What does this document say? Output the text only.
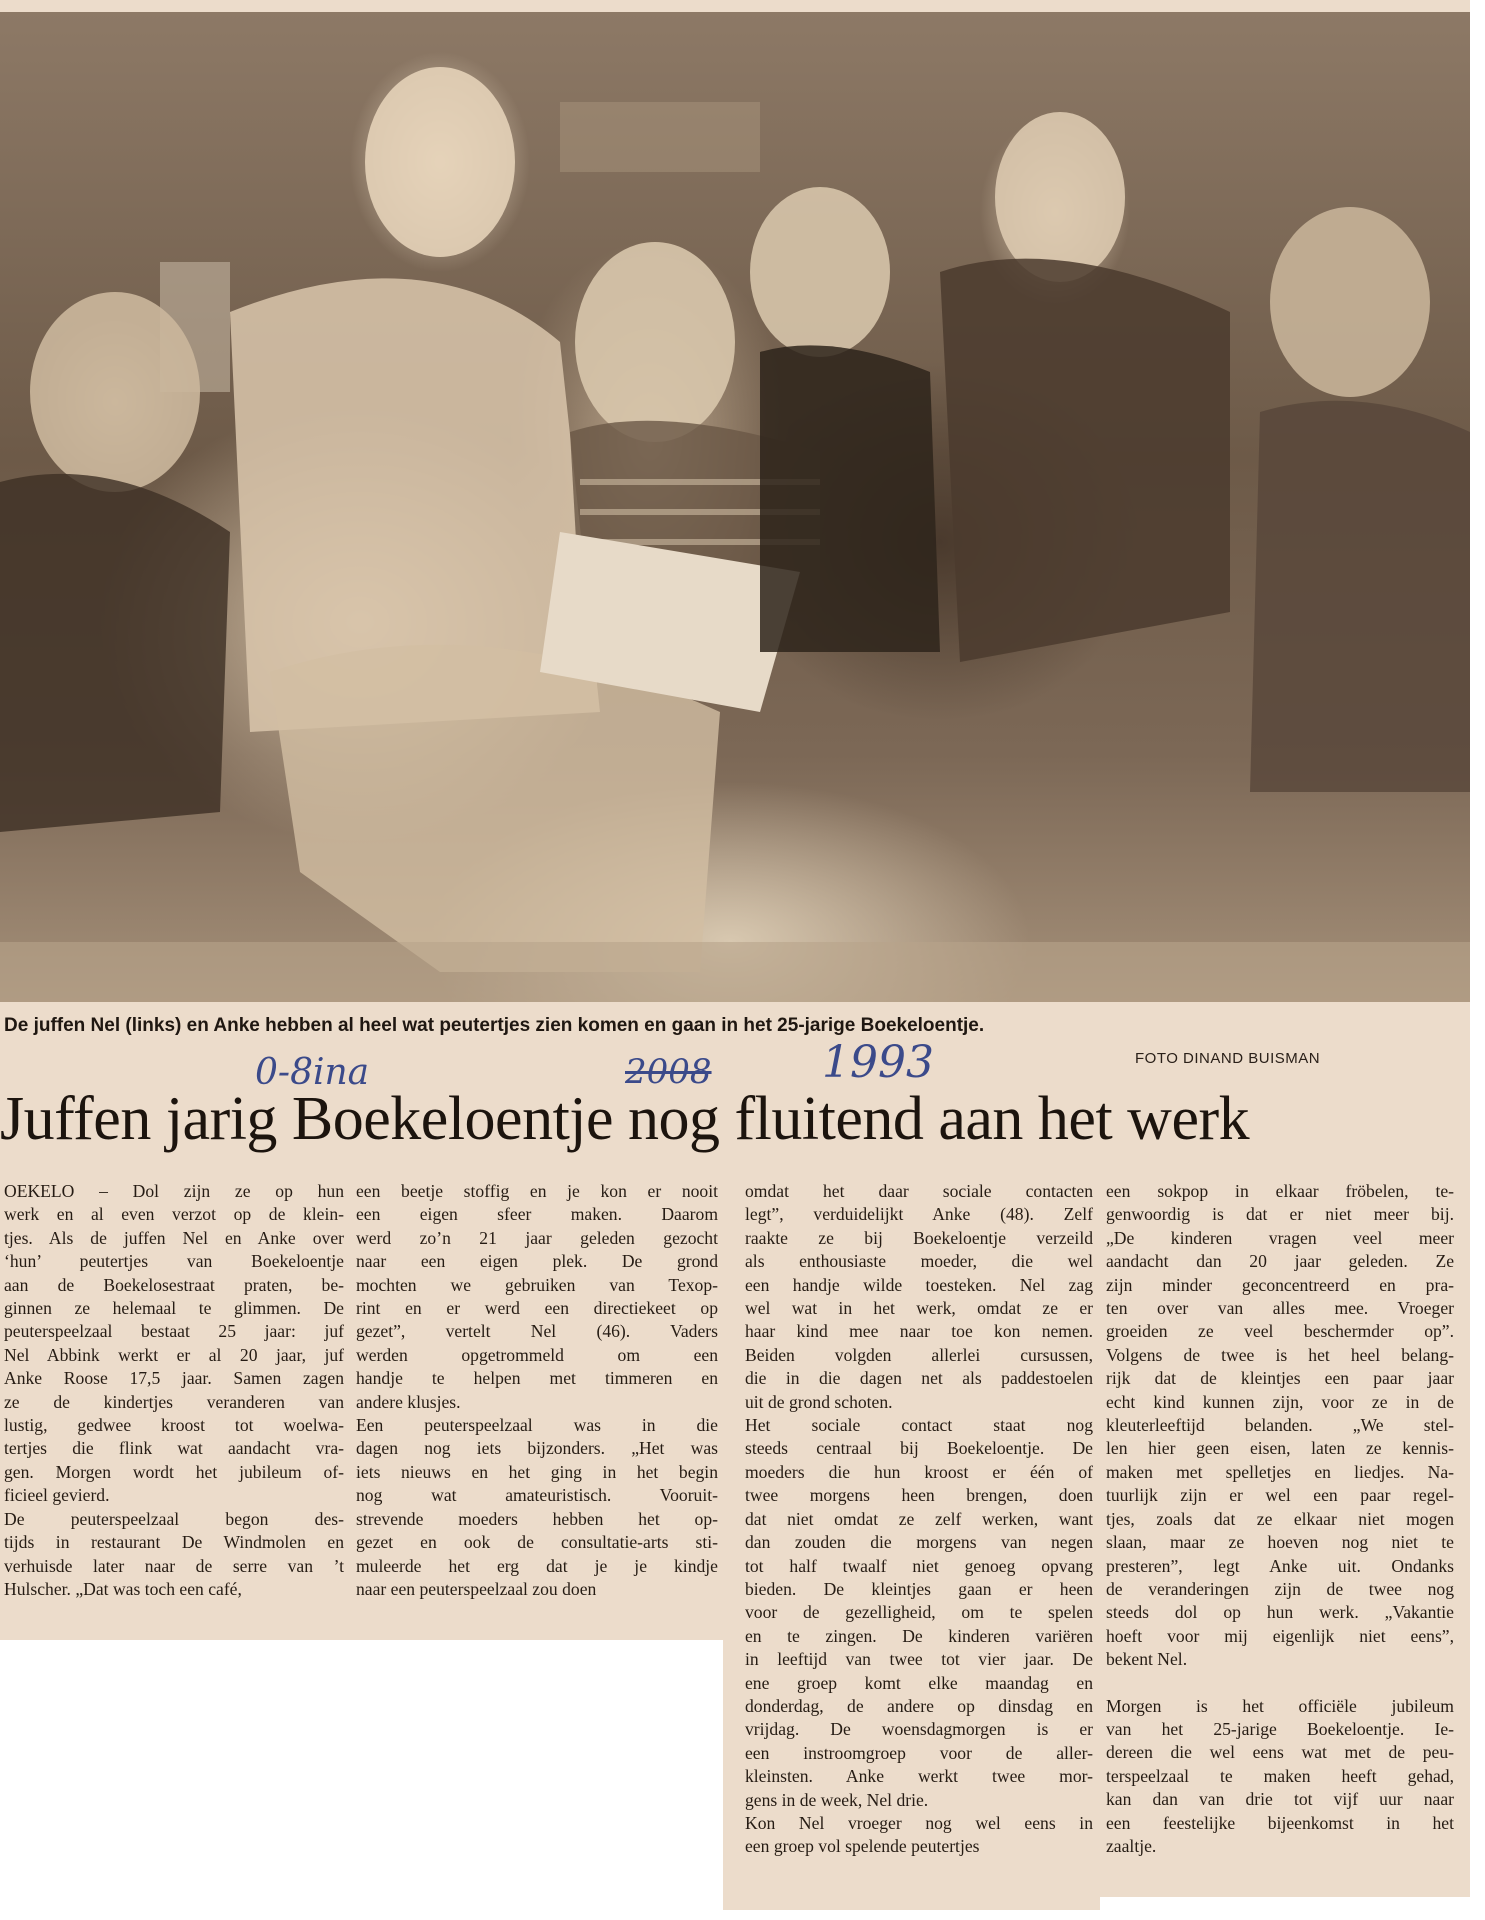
De juffen Nel (links) en Anke hebben al heel wat peutertjes zien komen en gaan in het 25-jarige Boekeloentje.
FOTO DINAND BUISMAN
0-8ina	2008	1993
Juffen jarig Boekeloentje nog fluitend aan het werk

OEKELO – Dol zijn ze op hun

werk en al even verzot op de klein-

tjes. Als de juffen Nel en Anke over

‘hun’ peutertjes van Boekeloentje

aan de Boekelosestraat praten, be-

ginnen ze helemaal te glimmen. De

peuterspeelzaal bestaat 25 jaar: juf

Nel Abbink werkt er al 20 jaar, juf

Anke Roose 17,5 jaar. Samen zagen

ze de kindertjes veranderen van

lustig, gedwee kroost tot woelwa-

tertjes die flink wat aandacht vra-

gen. Morgen wordt het jubileum of-

ficieel gevierd.

De peuterspeelzaal begon des-

tijds in restaurant De Windmolen en

verhuisde later naar de serre van ’t

Hulscher. „Dat was toch een café,

een beetje stoffig en je kon er nooit

een eigen sfeer maken. Daarom

werd zo’n 21 jaar geleden gezocht

naar een eigen plek. De grond

mochten we gebruiken van Texop-

rint en er werd een directiekeet op

gezet”, vertelt Nel (46). Vaders

werden opgetrommeld om een

handje te helpen met timmeren en

andere klusjes.

Een peuterspeelzaal was in die

dagen nog iets bijzonders. „Het was

iets nieuws en het ging in het begin

nog wat amateuristisch. Vooruit-

strevende moeders hebben het op-

gezet en ook de consultatie-arts sti-

muleerde het erg dat je je kindje

naar een peuterspeelzaal zou doen

omdat het daar sociale contacten

legt”, verduidelijkt Anke (48). Zelf

raakte ze bij Boekeloentje verzeild

als enthousiaste moeder, die wel

een handje wilde toesteken. Nel zag

wel wat in het werk, omdat ze er

haar kind mee naar toe kon nemen.

Beiden volgden allerlei cursussen,

die in die dagen net als paddestoelen

uit de grond schoten.

Het sociale contact staat nog

steeds centraal bij Boekeloentje. De

moeders die hun kroost er één of

twee morgens heen brengen, doen

dat niet omdat ze zelf werken, want

dan zouden die morgens van negen

tot half twaalf niet genoeg opvang

bieden. De kleintjes gaan er heen

voor de gezelligheid, om te spelen

en te zingen. De kinderen variëren

in leeftijd van twee tot vier jaar. De

ene groep komt elke maandag en

donderdag, de andere op dinsdag en

vrijdag. De woensdagmorgen is er

een instroomgroep voor de aller-

kleinsten. Anke werkt twee mor-

gens in de week, Nel drie.

Kon Nel vroeger nog wel eens in

een groep vol spelende peutertjes

een sokpop in elkaar fröbelen, te-

genwoordig is dat er niet meer bij.

„De kinderen vragen veel meer

aandacht dan 20 jaar geleden. Ze

zijn minder geconcentreerd en pra-

ten over van alles mee. Vroeger

groeiden ze veel beschermder op”.

Volgens de twee is het heel belang-

rijk dat de kleintjes een paar jaar

echt kind kunnen zijn, voor ze in de

kleuterleeftijd belanden. „We stel-

len hier geen eisen, laten ze kennis-

maken met spelletjes en liedjes. Na-

tuurlijk zijn er wel een paar regel-

tjes, zoals dat ze elkaar niet mogen

slaan, maar ze hoeven nog niet te

presteren”, legt Anke uit. Ondanks

de veranderingen zijn de twee nog

steeds dol op hun werk. „Vakantie

hoeft voor mij eigenlijk niet eens”,

bekent Nel.

Morgen is het officiële jubileum

van het 25-jarige Boekeloentje. Ie-

dereen die wel eens wat met de peu-

terspeelzaal te maken heeft gehad,

kan dan van drie tot vijf uur naar

een feestelijke bijeenkomst in het

zaaltje.
